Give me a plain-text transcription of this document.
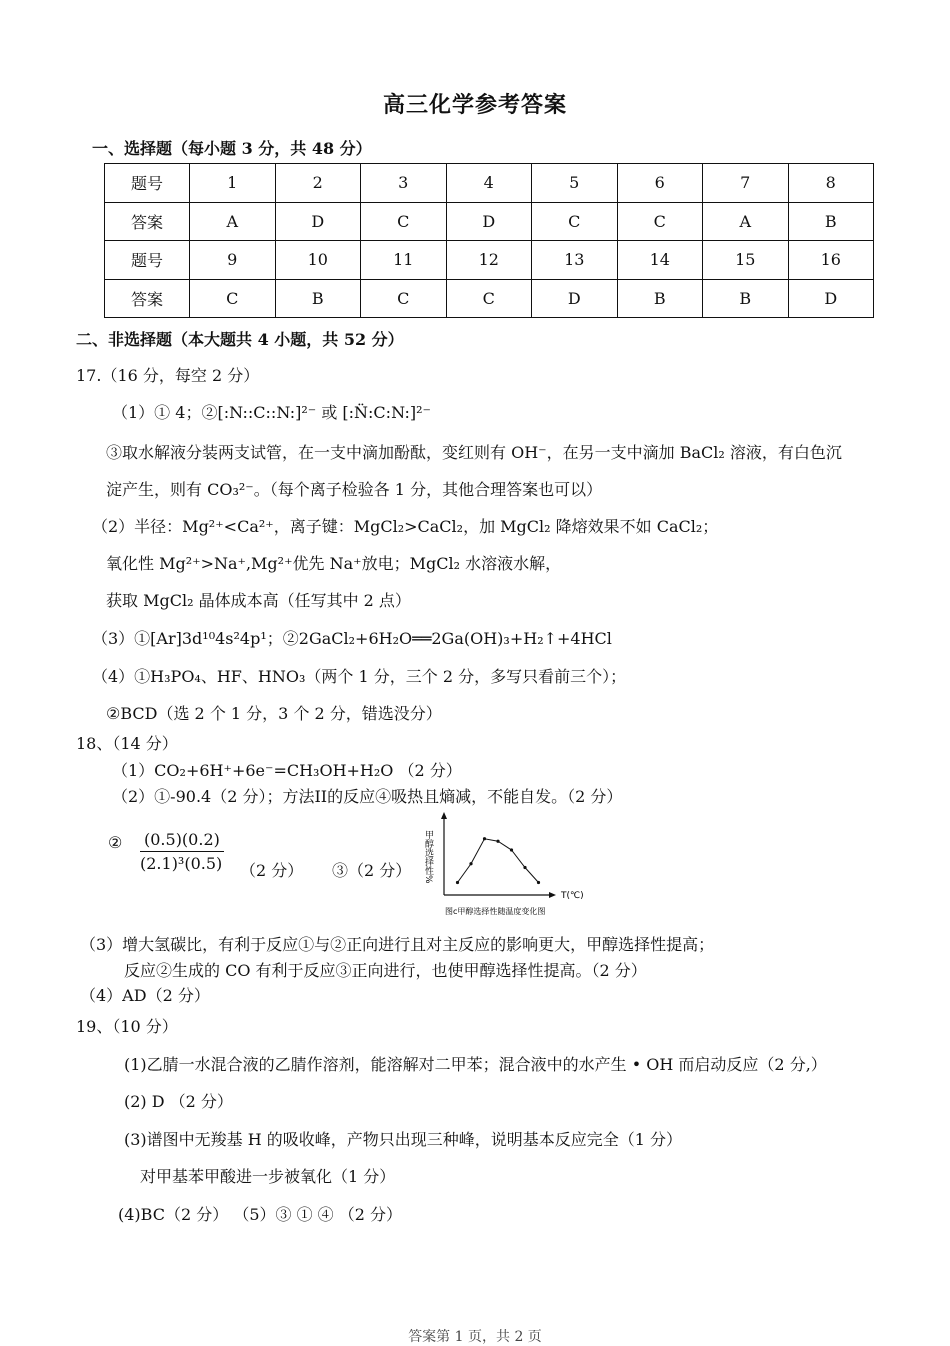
高三化学参考答案
一、选择题（每小题 3 分，共 48 分）
题号	1	2	3	4	5	6	7	8
答案	A	D	C	D	C	C	A	B
题号	9	10	11	12	13	14	15	16
答案	C	B	C	C	D	B	B	D
二、非选择题（本大题共 4 小题，共 52 分）
17.（16 分，每空 2 分）
（1）① 4；②[:N::C::N:]²⁻ 或 [:N̈:C:N:]²⁻
③取水解液分装两支试管，在一支中滴加酚酞，变红则有 OH⁻，在另一支中滴加 BaCl₂ 溶液，有白色沉
淀产生，则有 CO₃²⁻。（每个离子检验各 1 分，其他合理答案也可以）
（2）半径：Mg²⁺<Ca²⁺，离子键：MgCl₂>CaCl₂，加 MgCl₂ 降熔效果不如 CaCl₂；
氧化性 Mg²⁺>Na⁺,Mg²⁺优先 Na⁺放电；MgCl₂ 水溶液水解，
获取 MgCl₂ 晶体成本高（任写其中 2 点）
（3）①[Ar]3d¹⁰4s²4p¹；②2GaCl₂+6H₂O══2Ga(OH)₃+H₂↑+4HCl
（4）①H₃PO₄、HF、HNO₃（两个 1 分，三个 2 分，多写只看前三个）；
②BCD（选 2 个 1 分，3 个 2 分，错选没分）
18、（14 分）
（1）CO₂+6H⁺+6e⁻=CH₃OH+H₂O （2 分）
（2）①-90.4（2 分）；方法II的反应④吸热且熵减，不能自发。（2 分）
② $\frac{(0.5)(0.2)}{\text{(2.1)³(0.5)}} (2$ 分） ③（2 分） 甲醇选择性%
T(℃)
图c甲醇选择性随温度变化图
（3）增大氢碳比，有利于反应①与②正向进行且对主反应的影响更大，甲醇选择性提高；
反应②生成的 CO 有利于反应③正向进行，也使甲醇选择性提高。（2 分）
（4）AD（2 分）
19、（10 分）
(1)乙腈一水混合液的乙腈作溶剂，能溶解对二甲苯；混合液中的水产生 • OH 而启动反应（2 分,）
(2) D （2 分）
(3)谱图中无羧基 H 的吸收峰，产物只出现三种峰，说明基本反应完全（1 分）
对甲基苯甲酸进一步被氧化（1 分）
(4)BC（2 分） （5）③ ① ④ （2 分）
答案第 1 页，共 2 页
